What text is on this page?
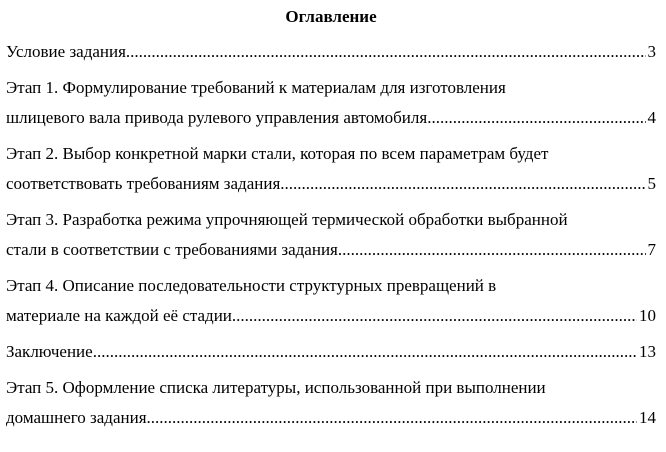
Оглавление
Условие задания .....	3
Этап 1. Формулирование требований к материалам для изготовления
шлицевого вала привода рулевого управления автомобиля. .....	4
Этап 2. Выбор конкретной марки стали, которая по всем параметрам будет
соответствовать требованиям задания. .....	5
Этап 3. Разработка режима упрочняющей термической обработки выбранной
стали в соответствии с требованиями задания. .....	7
Этап 4. Описание последовательности структурных превращений в
материале на каждой её стадии. .....	10
Заключение .....	13
Этап 5. Оформление списка литературы, использованной при выполнении
домашнего задания. .....	14
